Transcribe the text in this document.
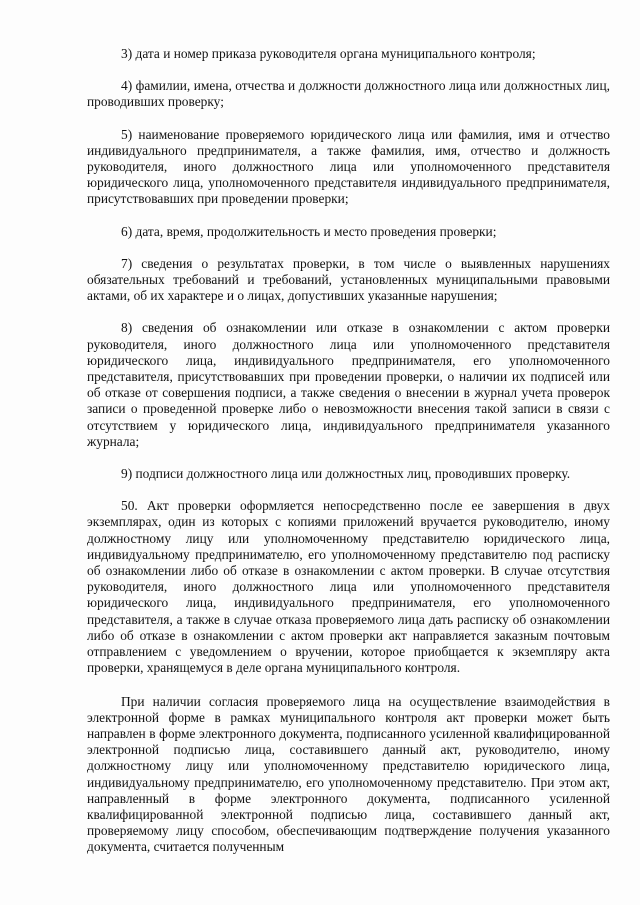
3) дата и номер приказа руководителя органа муниципального контроля;

4) фамилии, имена, отчества и должности должностного лица или должностных лиц, проводивших проверку;

5) наименование проверяемого юридического лица или фамилия, имя и отчество индивидуального предпринимателя, а также фамилия, имя, отчество и должность руководителя, иного должностного лица или уполномоченного представителя юридического лица, уполномоченного представителя индивидуального предпринимателя, присутствовавших при проведении проверки;

6) дата, время, продолжительность и место проведения проверки;

7) сведения о результатах проверки, в том числе о выявленных нарушениях обязательных требований и требований, установленных муниципальными правовыми актами, об их характере и о лицах, допустивших указанные нарушения;

8) сведения об ознакомлении или отказе в ознакомлении с актом проверки руководителя, иного должностного лица или уполномоченного представителя юридического лица, индивидуального предпринимателя, его уполномоченного представителя, присутствовавших при проведении проверки, о наличии их подписей или об отказе от совершения подписи, а также сведения о внесении в журнал учета проверок записи о проведенной проверке либо о невозможности внесения такой записи в связи с отсутствием у юридического лица, индивидуального предпринимателя указанного журнала;

9) подписи должностного лица или должностных лиц, проводивших проверку.

50. Акт проверки оформляется непосредственно после ее завершения в двух экземплярах, один из которых с копиями приложений вручается руководителю, иному должностному лицу или уполномоченному представителю юридического лица, индивидуальному предпринимателю, его уполномоченному представителю под расписку об ознакомлении либо об отказе в ознакомлении с актом проверки. В случае отсутствия руководителя, иного должностного лица или уполномоченного представителя юридического лица, индивидуального предпринимателя, его уполномоченного представителя, а также в случае отказа проверяемого лица дать расписку об ознакомлении либо об отказе в ознакомлении с актом проверки акт направляется заказным почтовым отправлением с уведомлением о вручении, которое приобщается к экземпляру акта проверки, хранящемуся в деле органа муниципального контроля.

При наличии согласия проверяемого лица на осуществление взаимодействия в электронной форме в рамках муниципального контроля акт проверки может быть направлен в форме электронного документа, подписанного усиленной квалифицированной электронной подписью лица, составившего данный акт, руководителю, иному должностному лицу или уполномоченному представителю юридического лица, индивидуальному предпринимателю, его уполномоченному представителю. При этом акт, направленный в форме электронного документа, подписанного усиленной квалифицированной электронной подписью лица, составившего данный акт, проверяемому лицу способом, обеспечивающим подтверждение получения указанного документа, считается полученным
